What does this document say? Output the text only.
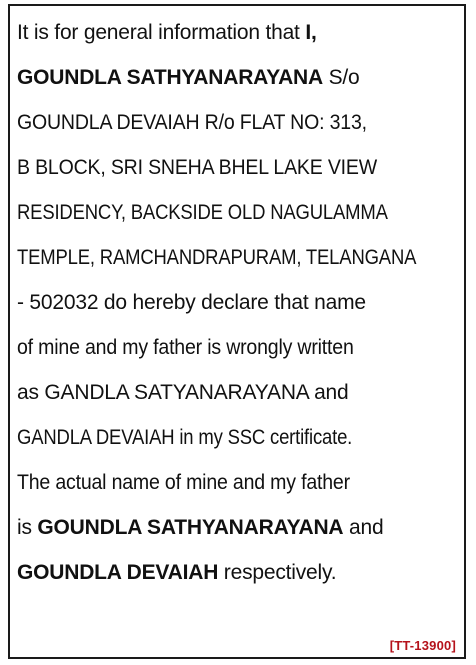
It is for general information that I,
GOUNDLA SATHYANARAYANA S/o
GOUNDLA DEVAIAH R/o FLAT NO: 313,
B BLOCK, SRI SNEHA BHEL LAKE VIEW
RESIDENCY, BACKSIDE OLD NAGULAMMA
TEMPLE, RAMCHANDRAPURAM, TELANGANA
- 502032 do hereby declare that name
of mine and my father is wrongly written
as GANDLA SATYANARAYANA and
GANDLA DEVAIAH in my SSC certificate.
The actual name of mine and my father
is GOUNDLA SATHYANARAYANA and
GOUNDLA DEVAIAH respectively.
[TT-13900]
